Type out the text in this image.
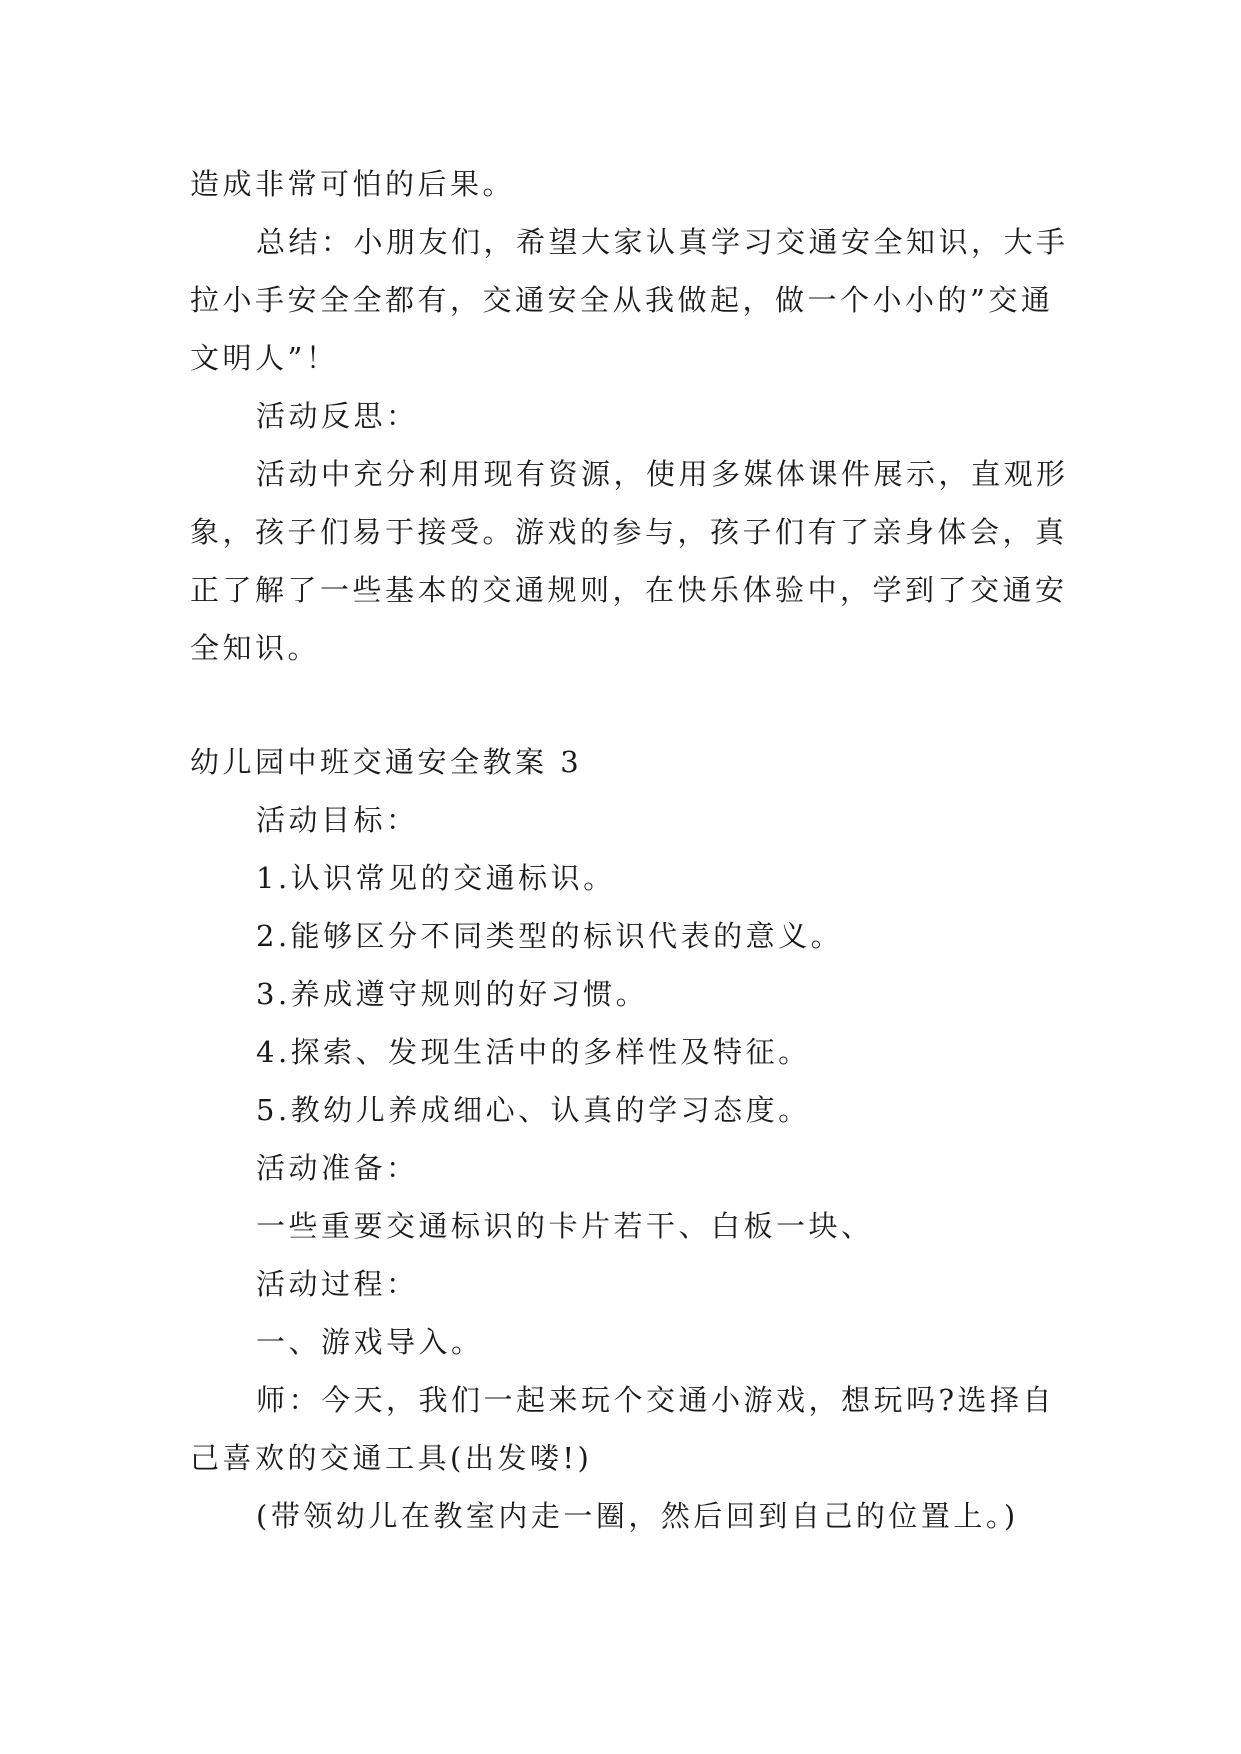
造成非常可怕的后果。

总结：小朋友们，希望大家认真学习交通安全知识，大手拉小手安全全都有，交通安全从我做起，做一个小小的”交通文明人”！

活动反思：

活动中充分利用现有资源，使用多媒体课件展示，直观形象，孩子们易于接受。游戏的参与，孩子们有了亲身体会，真正了解了一些基本的交通规则，在快乐体验中，学到了交通安全知识。

幼儿园中班交通安全教案 3

活动目标：

1.认识常见的交通标识。

2.能够区分不同类型的标识代表的意义。

3.养成遵守规则的好习惯。

4.探索、发现生活中的多样性及特征。

5.教幼儿养成细心、认真的学习态度。

活动准备：

一些重要交通标识的卡片若干、白板一块、

活动过程：

一、游戏导入。

师：今天，我们一起来玩个交通小游戏，想玩吗?选择自己喜欢的交通工具(出发喽!)

(带领幼儿在教室内走一圈，然后回到自己的位置上。)
